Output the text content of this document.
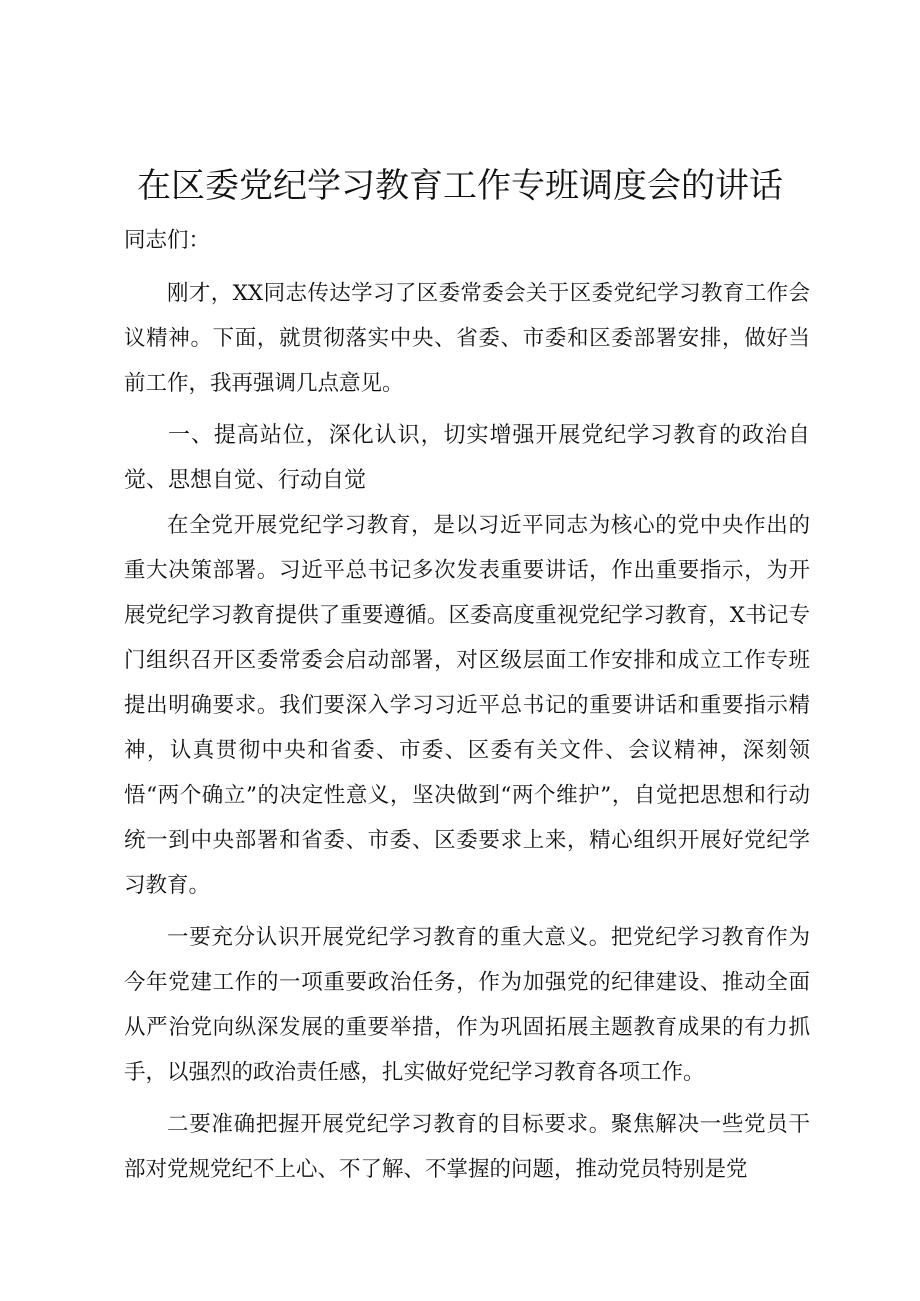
在区委党纪学习教育工作专班调度会的讲话

同志们：

刚才，XX同志传达学习了区委常委会关于区委党纪学习教育工作会议精神。下面，就贯彻落实中央、省委、市委和区委部署安排，做好当前工作，我再强调几点意见。

一、提高站位，深化认识，切实增强开展党纪学习教育的政治自觉、思想自觉、行动自觉

在全党开展党纪学习教育，是以习近平同志为核心的党中央作出的重大决策部署。习近平总书记多次发表重要讲话，作出重要指示，为开展党纪学习教育提供了重要遵循。区委高度重视党纪学习教育，X书记专门组织召开区委常委会启动部署，对区级层面工作安排和成立工作专班提出明确要求。我们要深入学习习近平总书记的重要讲话和重要指示精神，认真贯彻中央和省委、市委、区委有关文件、会议精神，深刻领悟“两个确立”的决定性意义，坚决做到“两个维护”，自觉把思想和行动统一到中央部署和省委、市委、区委要求上来，精心组织开展好党纪学习教育。

一要充分认识开展党纪学习教育的重大意义。把党纪学习教育作为今年党建工作的一项重要政治任务，作为加强党的纪律建设、推动全面从严治党向纵深发展的重要举措，作为巩固拓展主题教育成果的有力抓手，以强烈的政治责任感，扎实做好党纪学习教育各项工作。

二要准确把握开展党纪学习教育的目标要求。聚焦解决一些党员干部对党规党纪不上心、不了解、不掌握的问题，推动党员特别是党
